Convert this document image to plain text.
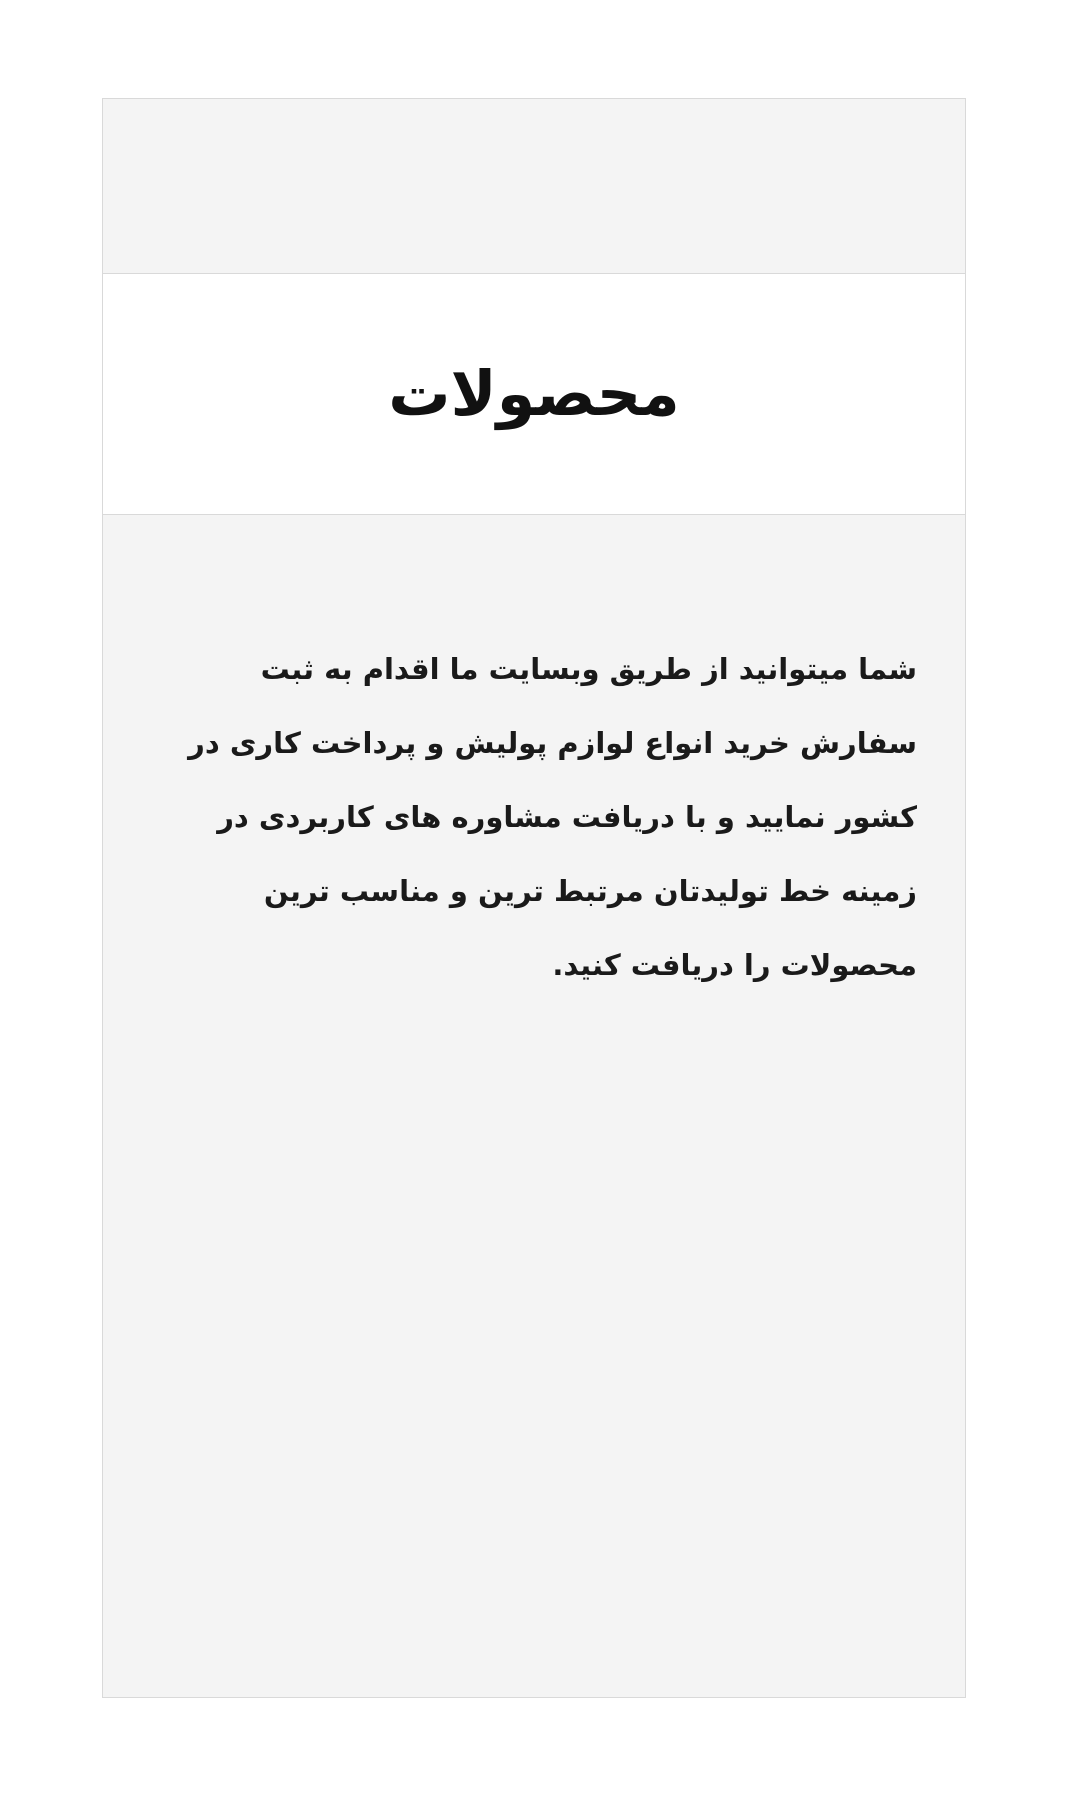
محصولات

شما میتوانید از طریق وبسایت ما اقدام به ثبت سفارش خرید انواع لوازم پولیش و پرداخت کاری در کشور نمایید و با دریافت مشاوره های کاربردی در زمینه خط تولیدتان مرتبط ترین و مناسب ترین محصولات را دریافت کنید.
